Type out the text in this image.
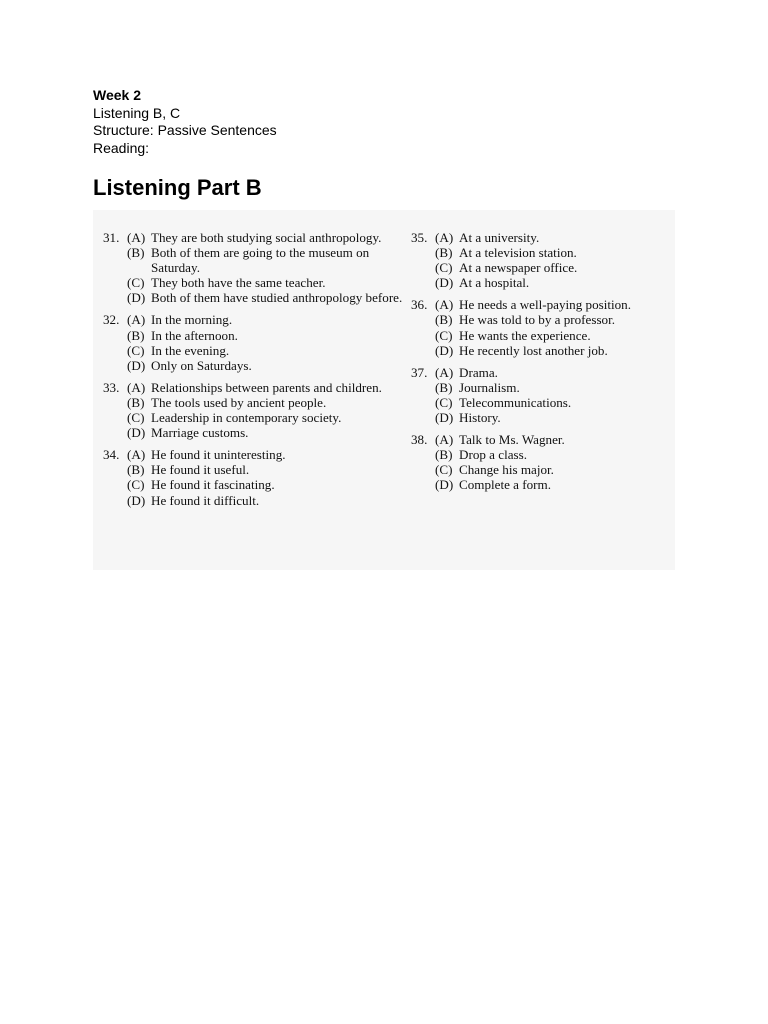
Week 2
Listening B, C
Structure: Passive Sentences
Reading:
Listening Part B
31. (A) They are both studying social anthropology.
(B) Both of them are going to the museum on Saturday.
(C) They both have the same teacher.
(D) Both of them have studied anthropology before.
32. (A) In the morning.
(B) In the afternoon.
(C) In the evening.
(D) Only on Saturdays.
33. (A) Relationships between parents and children.
(B) The tools used by ancient people.
(C) Leadership in contemporary society.
(D) Marriage customs.
34. (A) He found it uninteresting.
(B) He found it useful.
(C) He found it fascinating.
(D) He found it difficult.
35. (A) At a university.
(B) At a television station.
(C) At a newspaper office.
(D) At a hospital.
36. (A) He needs a well-paying position.
(B) He was told to by a professor.
(C) He wants the experience.
(D) He recently lost another job.
37. (A) Drama.
(B) Journalism.
(C) Telecommunications.
(D) History.
38. (A) Talk to Ms. Wagner.
(B) Drop a class.
(C) Change his major.
(D) Complete a form.
